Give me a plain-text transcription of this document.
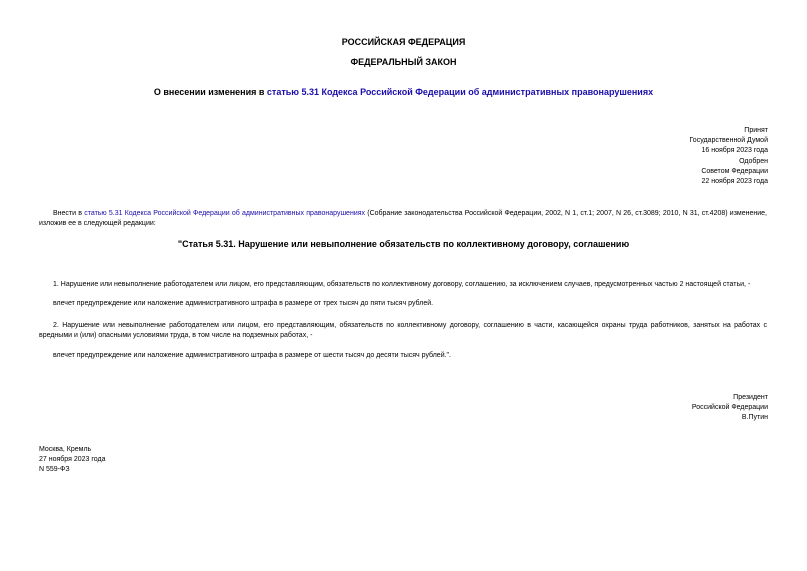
РОССИЙСКАЯ ФЕДЕРАЦИЯ
ФЕДЕРАЛЬНЫЙ ЗАКОН
О внесении изменения в статью 5.31 Кодекса Российской Федерации об административных правонарушениях
Принят
Государственной Думой
16 ноября 2023 года
Одобрен
Советом Федерации
22 ноября 2023 года
Внести в статью 5.31 Кодекса Российской Федерации об административных правонарушениях (Собрание законодательства Российской Федерации, 2002, N 1, ст.1; 2007, N 26, ст.3089; 2010, N 31, ст.4208) изменение, изложив ее в следующей редакции:
"Статья 5.31. Нарушение или невыполнение обязательств по коллективному договору, соглашению
1. Нарушение или невыполнение работодателем или лицом, его представляющим, обязательств по коллективному договору, соглашению, за исключением случаев, предусмотренных частью 2 настоящей статьи, -
влечет предупреждение или наложение административного штрафа в размере от трех тысяч до пяти тысяч рублей.
2. Нарушение или невыполнение работодателем или лицом, его представляющим, обязательств по коллективному договору, соглашению в части, касающейся охраны труда работников, занятых на работах с вредными и (или) опасными условиями труда, в том числе на подземных работах, -
влечет предупреждение или наложение административного штрафа в размере от шести тысяч до десяти тысяч рублей.".
Президент
Российской Федерации
В.Путин
Москва, Кремль
27 ноября 2023 года
N 559-ФЗ
